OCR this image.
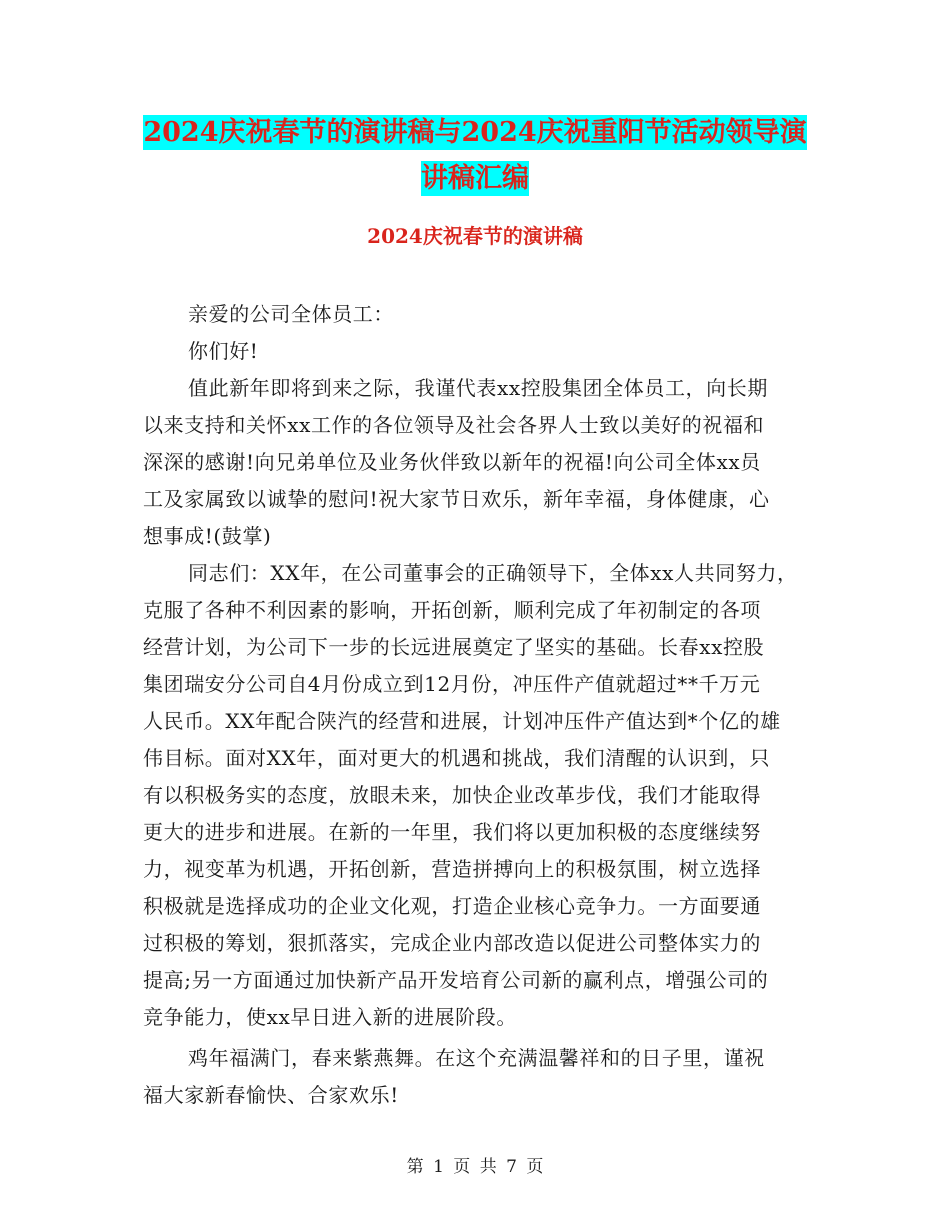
2024庆祝春节的演讲稿与2024庆祝重阳节活动领导演
讲稿汇编
2024庆祝春节的演讲稿
亲爱的公司全体员工：
你们好!
值此新年即将到来之际，我谨代表xx控股集团全体员工，向长期
以来支持和关怀xx工作的各位领导及社会各界人士致以美好的祝福和
深深的感谢!向兄弟单位及业务伙伴致以新年的祝福!向公司全体xx员
工及家属致以诚挚的慰问!祝大家节日欢乐，新年幸福，身体健康，心
想事成!(鼓掌)
同志们：XX年，在公司董事会的正确领导下，全体xx人共同努力，
克服了各种不利因素的影响，开拓创新，顺利完成了年初制定的各项
经营计划，为公司下一步的长远进展奠定了坚实的基础。长春xx控股
集团瑞安分公司自4月份成立到12月份，冲压件产值就超过**千万元
人民币。XX年配合陕汽的经营和进展，计划冲压件产值达到*个亿的雄
伟目标。面对XX年，面对更大的机遇和挑战，我们清醒的认识到，只
有以积极务实的态度，放眼未来，加快企业改革步伐，我们才能取得
更大的进步和进展。在新的一年里，我们将以更加积极的态度继续努
力，视变革为机遇，开拓创新，营造拼搏向上的积极氛围，树立选择
积极就是选择成功的企业文化观，打造企业核心竞争力。一方面要通
过积极的筹划，狠抓落实，完成企业内部改造以促进公司整体实力的
提高;另一方面通过加快新产品开发培育公司新的赢利点，增强公司的
竞争能力，使xx早日进入新的进展阶段。
鸡年福满门，春来紫燕舞。在这个充满温馨祥和的日子里，谨祝
福大家新春愉快、合家欢乐!
第 1 页 共 7 页
